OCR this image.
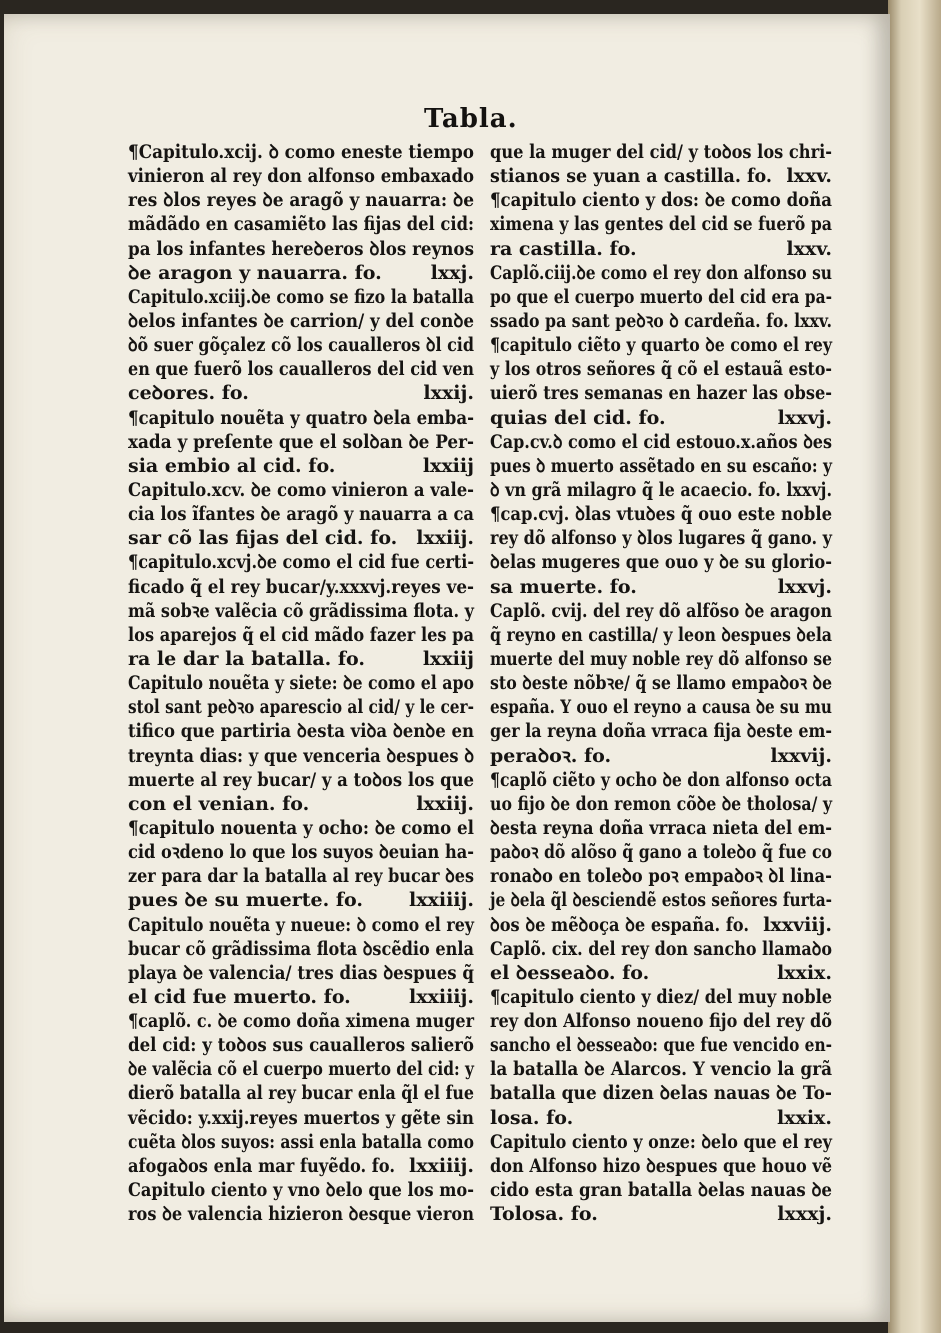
Tabla.
¶Capitulo.xcij. ꝺ como eneste tiempo
vinieron al rey don alfonso embaxado
res ꝺlos reyes ꝺe aragõ y nauarra: ꝺe
mãdãdo en casamiẽto las fijas del cid:
pa los infantes hereꝺeros ꝺlos reynos
ꝺe aragon y nauarra. fo.	lxxj.
Capitulo.xciij.ꝺe como se fizo la batalla
ꝺelos infantes ꝺe carrion/ y del conꝺe
ꝺõ suer gõçalez cõ los caualleros ꝺl cid
en que fuerõ los caualleros del cid ven
ceꝺores. fo.	lxxij.
¶capitulo nouẽta y quatro ꝺela emba-
xada y preſente que el solꝺan ꝺe Per-
sia embio al cid. fo.	lxxiij
Capitulo.xcv. ꝺe como vinieron a vale-
cia los ĩfantes ꝺe aragõ y nauarra a ca
sar cõ las fijas del cid. fo. lxxiij.
¶capitulo.xcvj.ꝺe como el cid fue certi-
ficado q̃ el rey bucar/y.xxxvj.reyes ve-
mã sobꝛe valẽcia cõ grãdissima flota. y
los aparejos q̃ el cid mãdo fazer les pa
ra le dar la batalla. fo.	lxxiij
Capitulo nouẽta y siete: ꝺe como el apo
stol sant peꝺꝛo aparescio al cid/ y le cer-
tifico que partiria ꝺesta viꝺa ꝺenꝺe en
treynta dias: y que venceria ꝺespues ꝺ
muerte al rey bucar/ y a toꝺos los que
con el venian. fo.	lxxiij.
¶capitulo nouenta y ocho: ꝺe como el
cid oꝛdeno lo que los suyos ꝺeuian ha-
zer para dar la batalla al rey bucar ꝺes
pues ꝺe su muerte. fo. lxxiiij.
Capitulo nouẽta y nueue: ꝺ como el rey
bucar cõ grãdissima flota ꝺscẽdio enla
playa ꝺe valencia/ tres dias ꝺespues q̃
el cid fue muerto. fo.	lxxiiij.
¶caplõ. c. ꝺe como doña ximena muger
del cid: y toꝺos sus caualleros salierõ
ꝺe valẽcia cõ el cuerpo muerto del cid: y
dierõ batalla al rey bucar enla q̃l el fue
vẽcido: y.xxij.reyes muertos y gẽte sin
cuẽta ꝺlos suyos: assi enla batalla como
afogaꝺos enla mar fuyẽdo. fo. lxxiiij.
Capitulo ciento y vno ꝺelo que los mo-
ros ꝺe valencia hizieron ꝺesque vieron
que la muger del cid/ y toꝺos los chri-
stianos se yuan a castilla. fo. lxxv.
¶capitulo ciento y dos: ꝺe como doña
ximena y las gentes del cid se fuerõ pa
ra castilla. fo.	lxxv.
Caplõ.ciij.ꝺe como el rey don alfonso su
po que el cuerpo muerto del cid era pa-
ssado pa sant peꝺꝛo ꝺ cardeña. fo. lxxv.
¶capitulo ciẽto y quarto ꝺe como el rey
y los otros señores q̃ cõ el estauã esto-
uierõ tres semanas en hazer las obse-
quias del cid. fo.	lxxvj.
Cap.cv.ꝺ como el cid estouo.x.años ꝺes
pues ꝺ muerto assẽtado en su escaño: y
ꝺ vn grã milagro q̃ le acaecio. fo. lxxvj.
¶cap.cvj. ꝺlas vtuꝺes q̃ ouo este noble
rey dõ alfonso y ꝺlos lugares q̃ gano. y
ꝺelas mugeres que ouo y ꝺe su glorio-
sa muerte. fo.	lxxvj.
Caplõ. cvij. del rey dõ alfõso ꝺe aragon
q̃ reyno en castilla/ y leon ꝺespues ꝺela
muerte del muy noble rey dõ alfonso se
sto ꝺeste nõbꝛe/ q̃ se llamo empaꝺoꝛ ꝺe
españa. Y ouo el reyno a causa ꝺe su mu
ger la reyna doña vrraca fija ꝺeste em-
peraꝺoꝛ. fo.	lxxvij.
¶caplõ ciẽto y ocho ꝺe don alfonso octa
uo fijo ꝺe don remon cõꝺe ꝺe tholosa/ y
ꝺesta reyna doña vrraca nieta del em-
paꝺoꝛ dõ alõso q̃ gano a toleꝺo q̃ fue co
ronaꝺo en toleꝺo poꝛ empaꝺoꝛ ꝺl lina-
je ꝺela q̃l ꝺesciendẽ estos señores furta-
ꝺos ꝺe mẽꝺoça ꝺe españa. fo. lxxviij.
Caplõ. cix. del rey don sancho llamaꝺo
el ꝺesseaꝺo. fo.	lxxix.
¶capitulo ciento y diez/ del muy noble
rey don Alfonso noueno fijo del rey dõ
sancho el ꝺesseaꝺo: que fue vencido en-
la batalla ꝺe Alarcos. Y vencio la grã
batalla que dizen ꝺelas nauas ꝺe To-
losa. fo.	lxxix.
Capitulo ciento y onze: ꝺelo que el rey
don Alfonso hizo ꝺespues que houo vẽ
cido esta gran batalla ꝺelas nauas ꝺe
Tolosa. fo.	lxxxj.
